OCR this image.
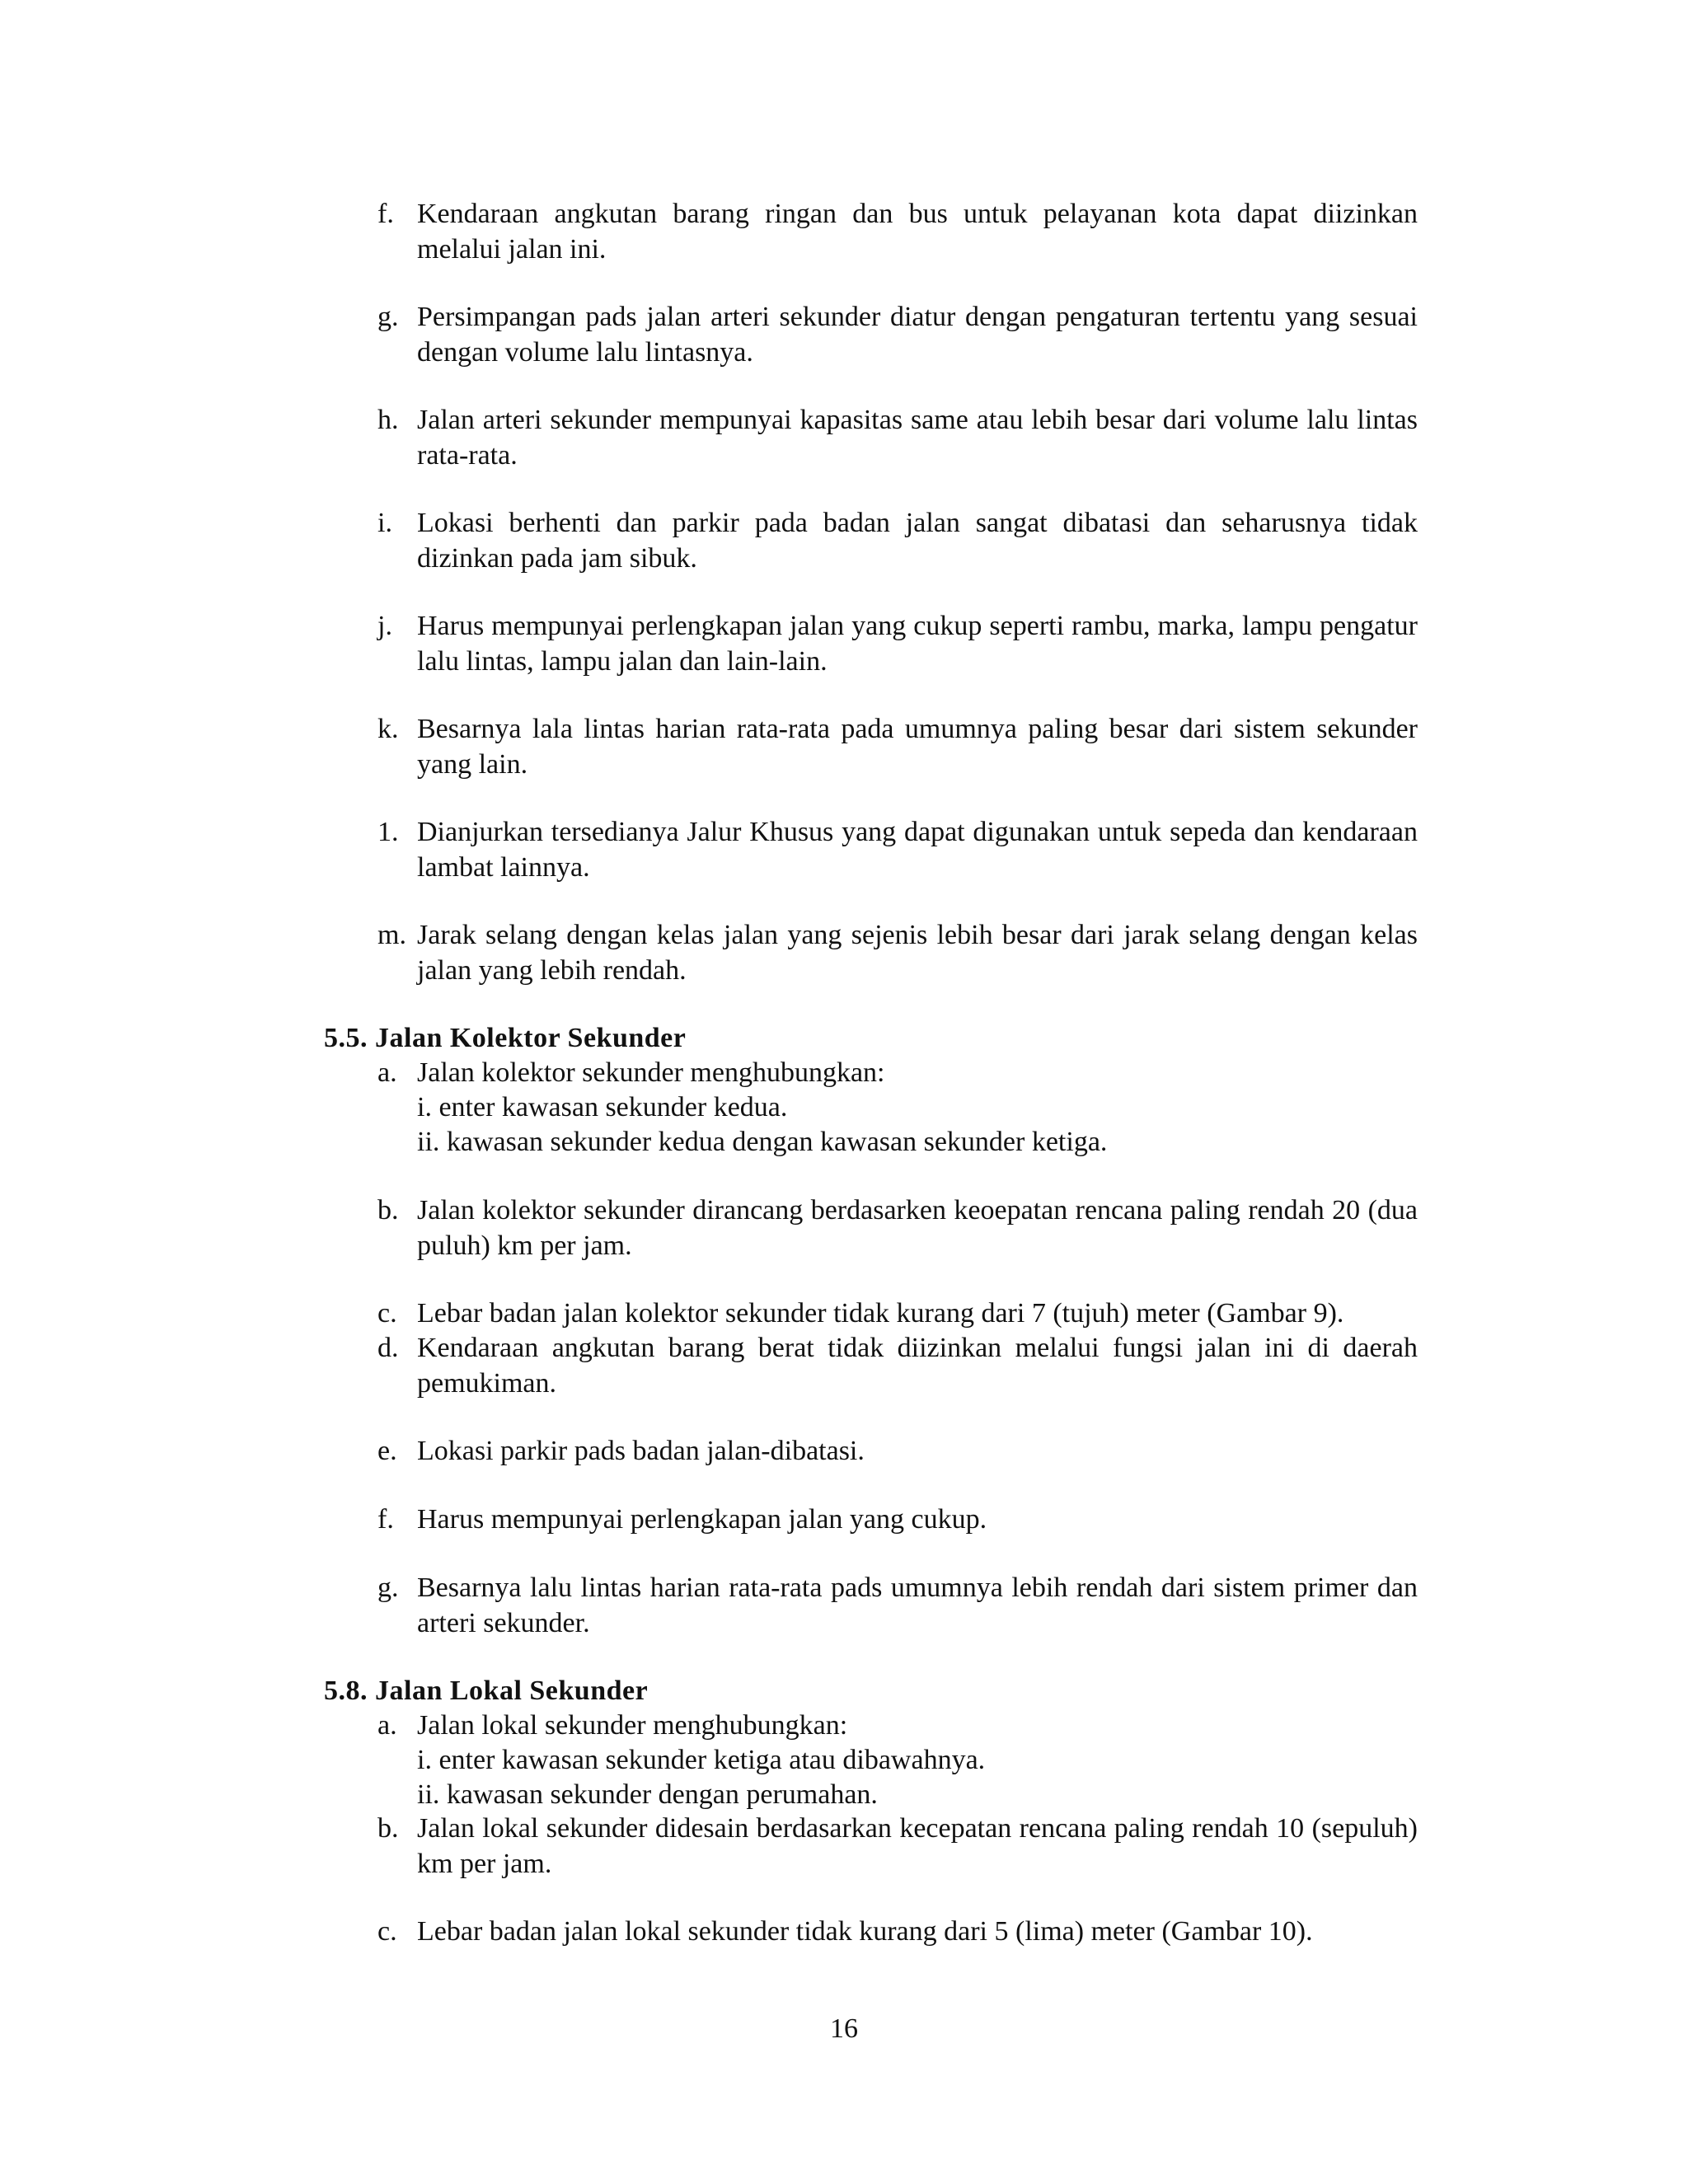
f. Kendaraan angkutan barang ringan dan bus untuk pelayanan kota dapat diizinkan melalui jalan ini.
g. Persimpangan pads jalan arteri sekunder diatur dengan pengaturan tertentu yang sesuai dengan volume lalu lintasnya.
h. Jalan arteri sekunder mempunyai kapasitas same atau lebih besar dari volume lalu lintas rata-rata.
i. Lokasi berhenti dan parkir pada badan jalan sangat dibatasi dan seharusnya tidak dizinkan pada jam sibuk.
j. Harus mempunyai perlengkapan jalan yang cukup seperti rambu, marka, lampu pengatur lalu lintas, lampu jalan dan lain-lain.
k. Besarnya lala lintas harian rata-rata pada umumnya paling besar dari sistem sekunder yang lain.
1. Dianjurkan tersedianya Jalur Khusus yang dapat digunakan untuk sepeda dan kendaraan lambat lainnya.
m. Jarak selang dengan kelas jalan yang sejenis lebih besar dari jarak selang dengan kelas jalan yang lebih rendah.
5.5. Jalan Kolektor Sekunder
a. Jalan kolektor sekunder menghubungkan:
i. enter kawasan sekunder kedua.
ii. kawasan sekunder kedua dengan kawasan sekunder ketiga.
b. Jalan kolektor sekunder dirancang berdasarken keoepatan rencana paling rendah 20 (dua puluh) km per jam.
c. Lebar badan jalan kolektor sekunder tidak kurang dari 7 (tujuh) meter (Gambar 9).
d. Kendaraan angkutan barang berat tidak diizinkan melalui fungsi jalan ini di daerah pemukiman.
e. Lokasi parkir pads badan jalan-dibatasi.
f. Harus mempunyai perlengkapan jalan yang cukup.
g. Besarnya lalu lintas harian rata-rata pads umumnya lebih rendah dari sistem primer dan arteri sekunder.
5.8. Jalan Lokal Sekunder
a. Jalan lokal sekunder menghubungkan:
i. enter kawasan sekunder ketiga atau dibawahnya.
ii. kawasan sekunder dengan perumahan.
b. Jalan lokal sekunder didesain berdasarkan kecepatan rencana paling rendah 10 (sepuluh) km per jam.
c. Lebar badan jalan lokal sekunder tidak kurang dari 5 (lima) meter (Gambar 10).
16
